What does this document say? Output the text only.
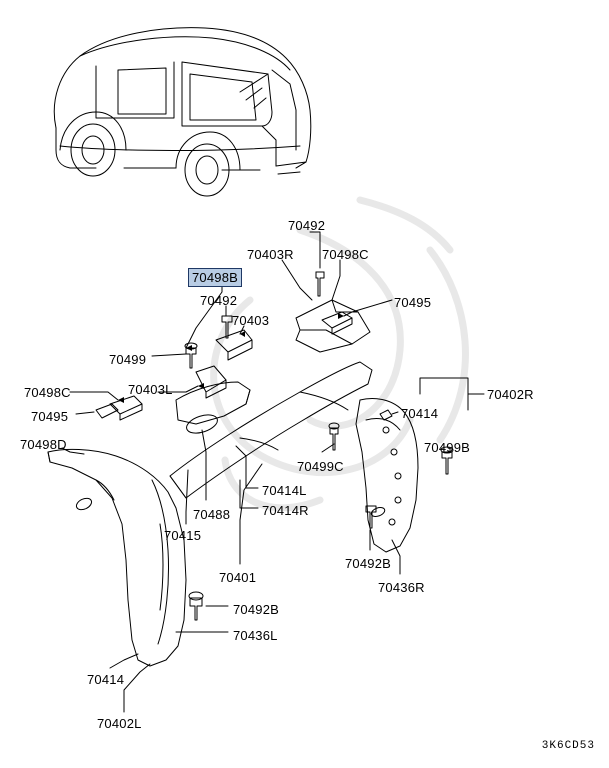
70492
70403R 70498C
70498B
70495
70492
70403
70499
70498C	70403L	70402R
70414
70495
70498D	70499B
70499C
70414L
70488 70414R
70415
70492B
70401
70436R
70492B
70436L
70414
70402L
3K6CD53
